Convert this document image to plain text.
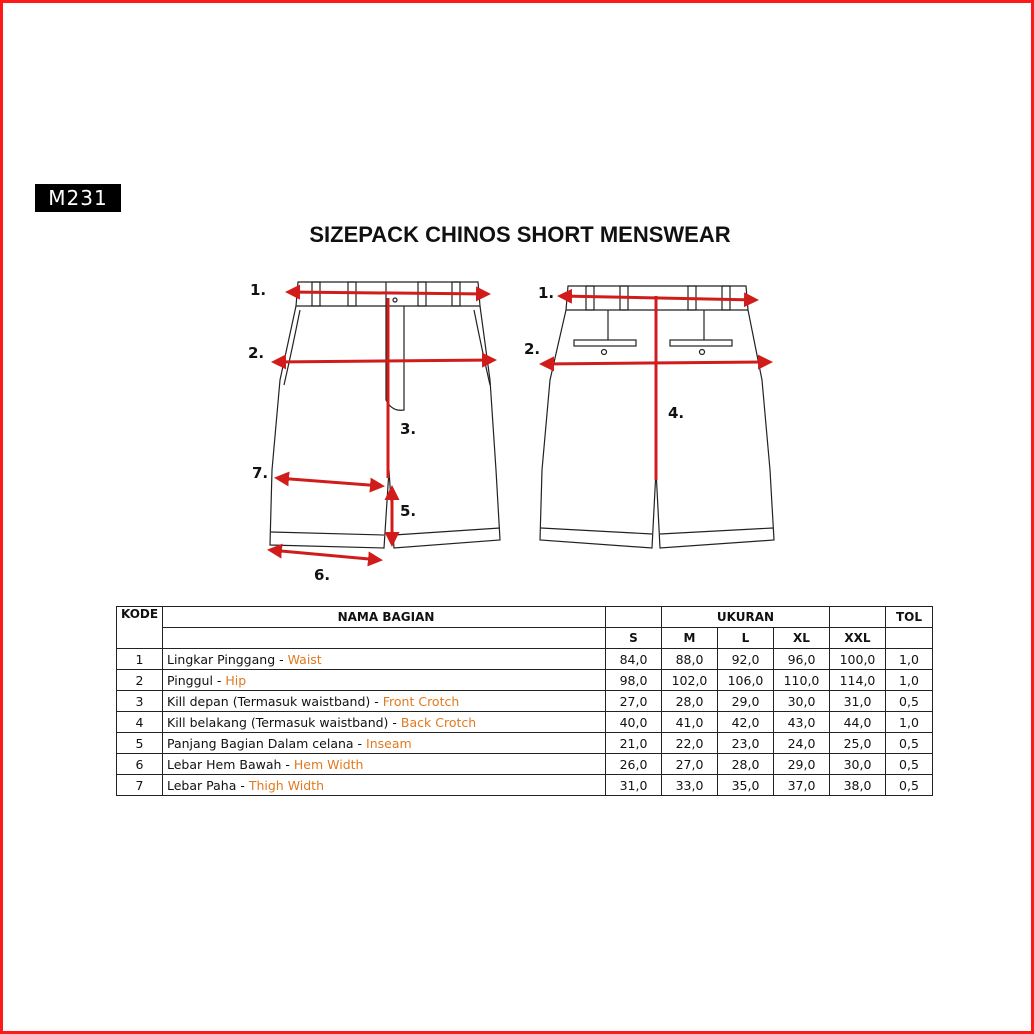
M231
SIZEPACK CHINOS SHORT MENSWEAR
1.
2.
3.
5.
7.
6.
1.
2.
4.
KODE	NAMA BAGIAN		UKURAN				TOL
		S	M	L	XL	XXL	
1	Lingkar Pinggang - Waist	84,0	88,0	92,0	96,0	100,0	1,0
2	Pinggul - Hip	98,0	102,0	106,0	110,0	114,0	1,0
3	Kill depan (Termasuk waistband) - Front Crotch	27,0	28,0	29,0	30,0	31,0	0,5
4	Kill belakang (Termasuk waistband) - Back Crotch	40,0	41,0	42,0	43,0	44,0	1,0
5	Panjang Bagian Dalam celana - Inseam	21,0	22,0	23,0	24,0	25,0	0,5
6	Lebar Hem Bawah - Hem Width	26,0	27,0	28,0	29,0	30,0	0,5
7	Lebar Paha - Thigh Width	31,0	33,0	35,0	37,0	38,0	0,5
